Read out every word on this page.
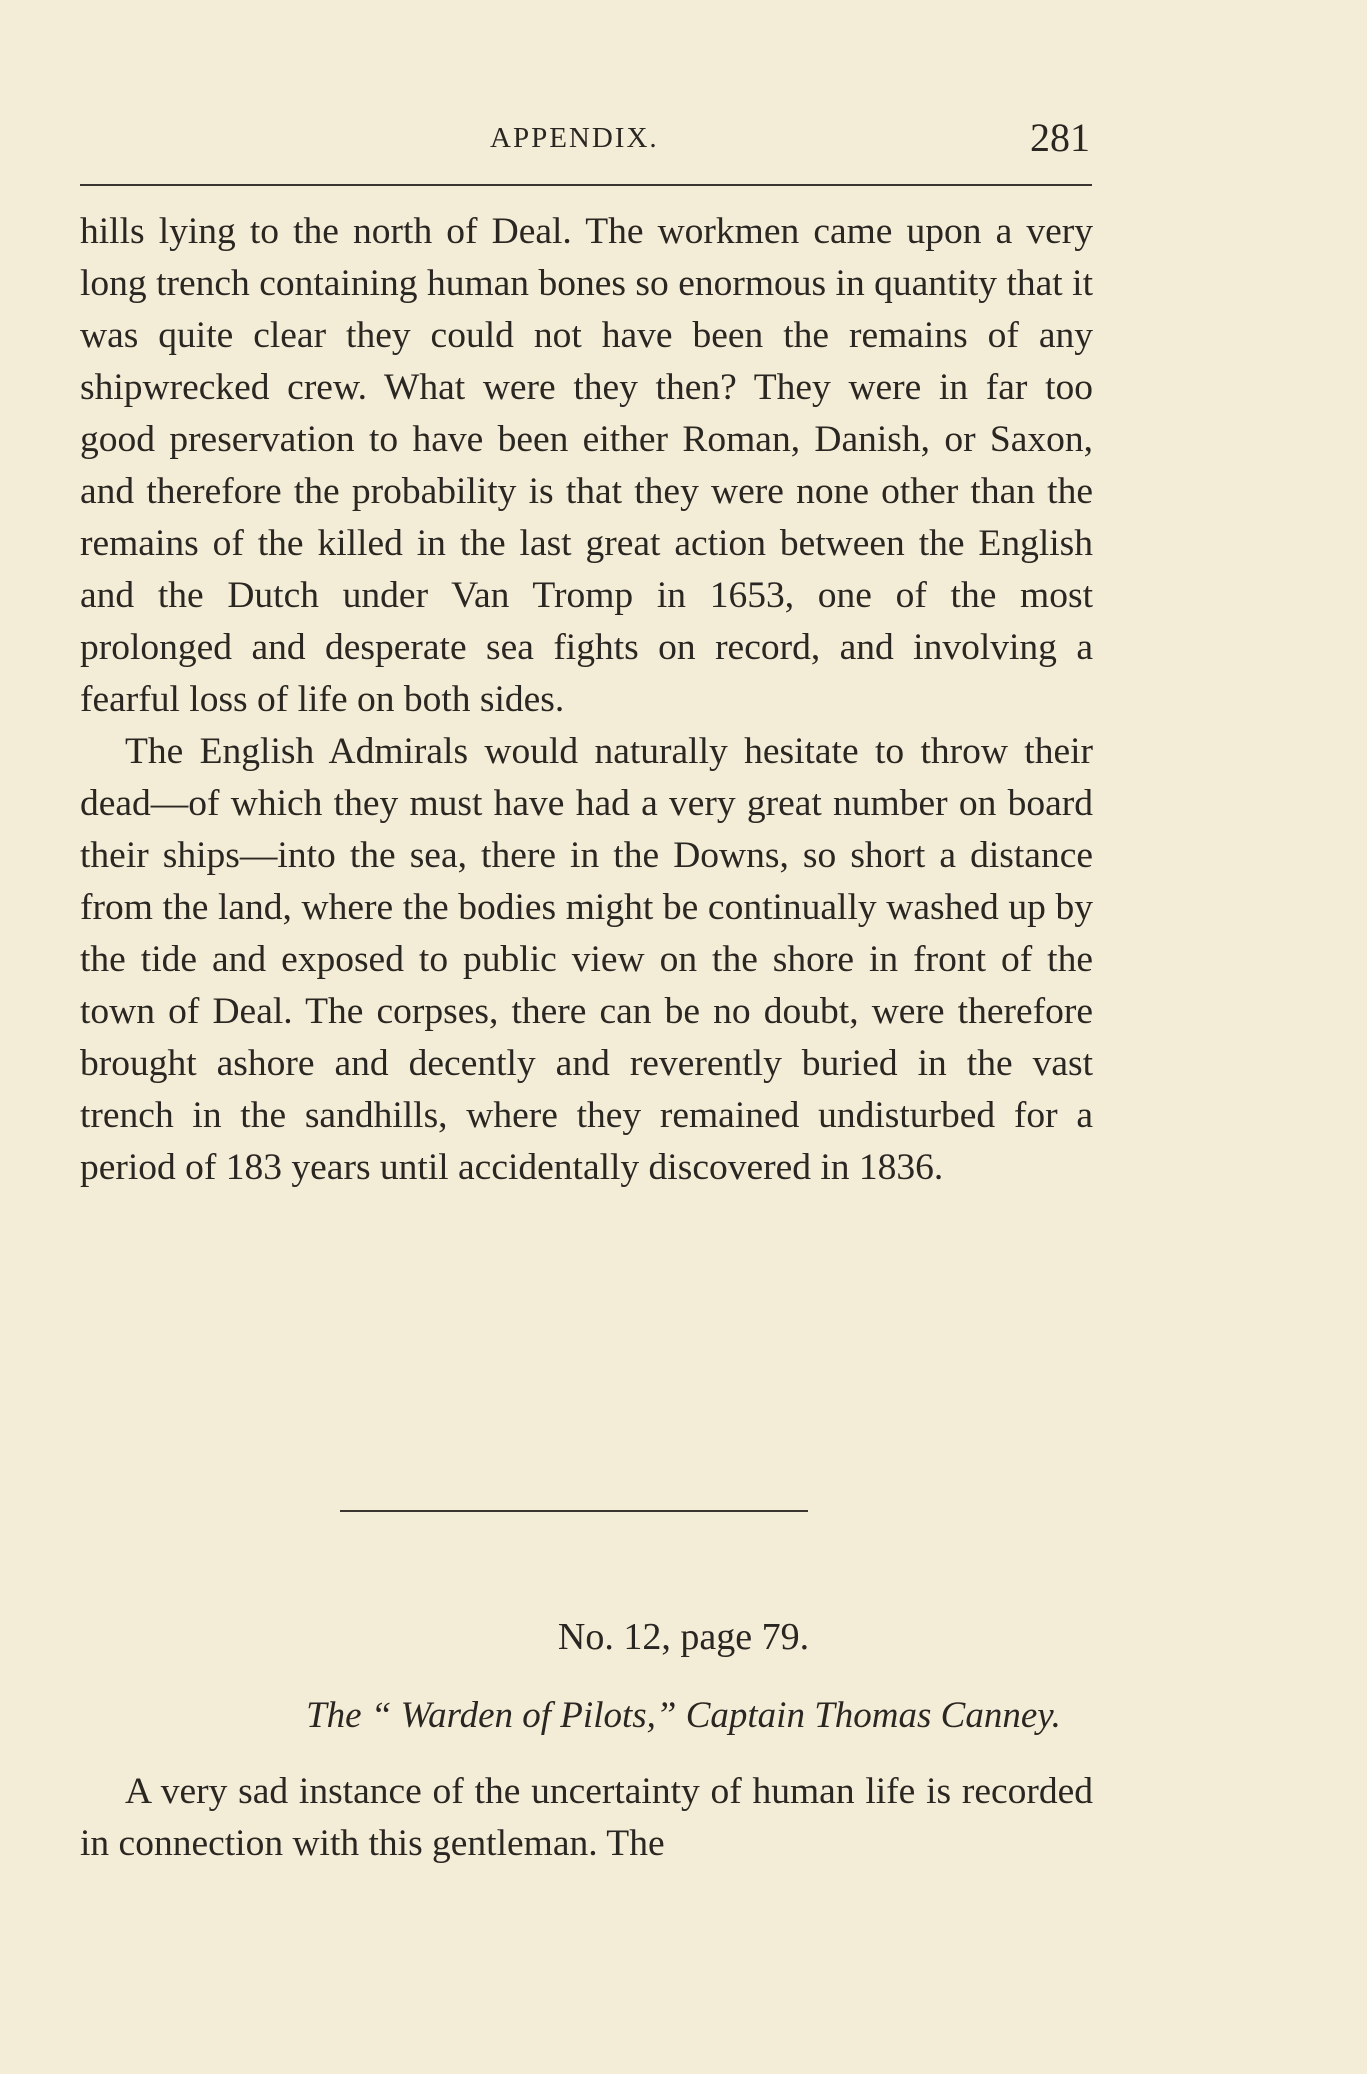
APPENDIX.	281

hills lying to the north of Deal. The workmen came upon a very long trench containing human bones so enormous in quantity that it was quite clear they could not have been the remains of any shipwrecked crew. What were they then? They were in far too good preservation to have been either Roman, Danish, or Saxon, and therefore the probability is that they were none other than the remains of the killed in the last great action between the English and the Dutch under Van Tromp in 1653, one of the most prolonged and desperate sea fights on record, and involving a fearful loss of life on both sides.

The English Admirals would naturally hesitate to throw their dead—of which they must have had a very great number on board their ships—into the sea, there in the Downs, so short a distance from the land, where the bodies might be continually washed up by the tide and exposed to public view on the shore in front of the town of Deal. The corpses, there can be no doubt, were therefore brought ashore and decently and reverently buried in the vast trench in the sandhills, where they remained undisturbed for a period of 183 years until accidentally discovered in 1836.

No. 12, page 79.
The “ Warden of Pilots,” Captain Thomas Canney.

A very sad instance of the uncertainty of human life is recorded in connection with this gentleman. The
